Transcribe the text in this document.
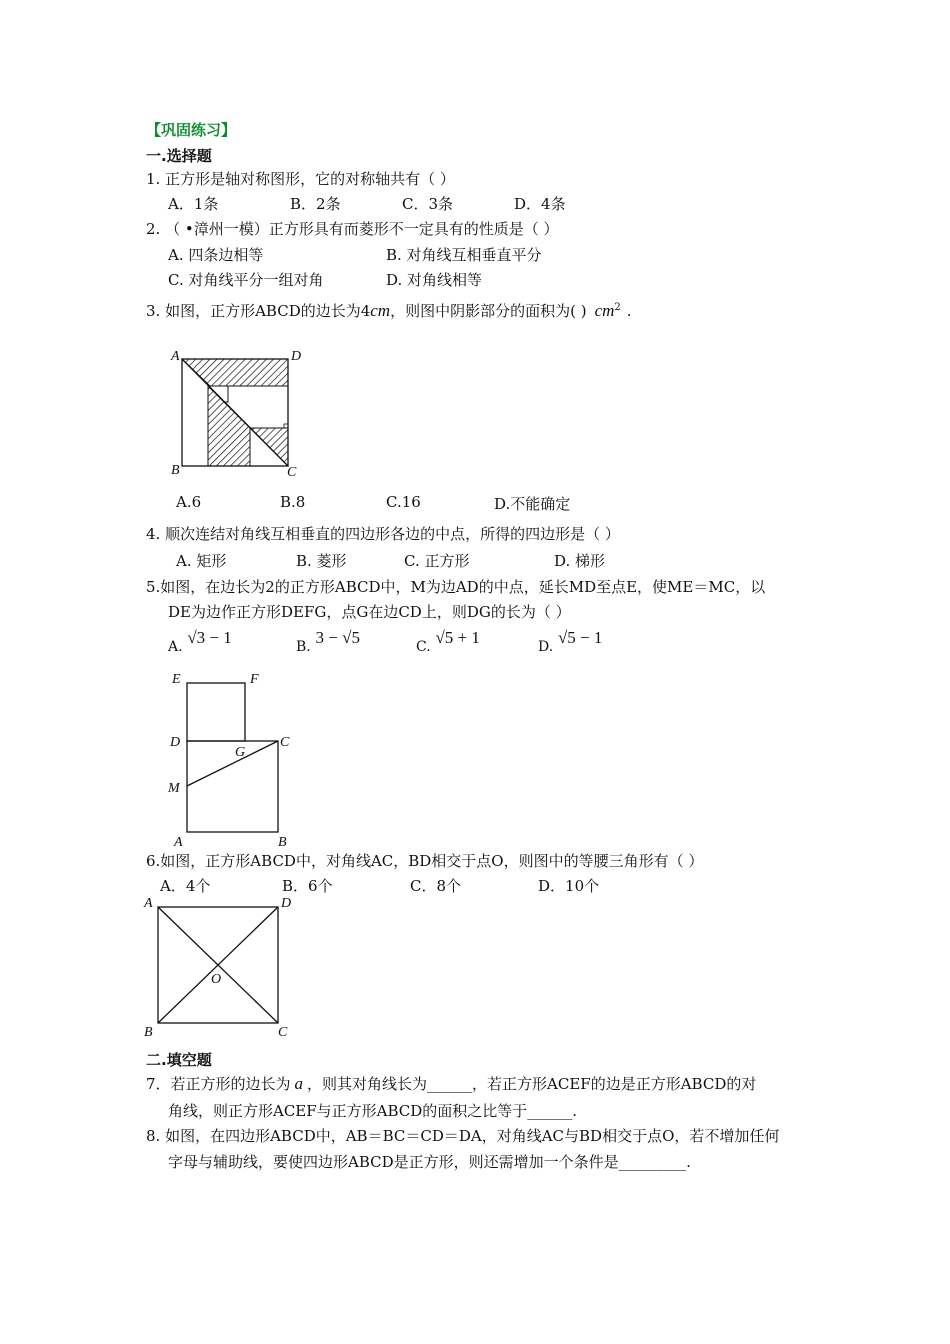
【巩固练习】
一.选择题
1. 正方形是轴对称图形，它的对称轴共有（ ）
A．1条	B．2条	C．3条	D．4条
2. （ •漳州一模）正方形具有而菱形不一定具有的性质是（ ）
A. 四条边相等	B. 对角线互相垂直平分
C. 对角线平分一组对角	D. 对角线相等
3. 如图，正方形ABCD的边长为4cm，则图中阴影部分的面积为( ) $cm^2$ .
A	D
B	C
A.6	B.8	C.16	D.不能确定
4. 顺次连结对角线互相垂直的四边形各边的中点，所得的四边形是（ ）
A. 矩形	B. 菱形	C. 正方形	D. 梯形
5.如图，在边长为2的正方形ABCD中，M为边AD的中点，延长MD至点E，使ME＝MC，以
DE为边作正方形DEFG，点G在边CD上，则DG的长为（ ）
A. √3 − 1	B. 3 − √5	C. √5 + 1	D. √5 − 1
E	F
D
G
C
M
A	B
6.如图，正方形ABCD中，对角线AC，BD相交于点O，则图中的等腰三角形有（ ）
A．4个	B．6个	C．8个	D．10个
A	D
O
B	C
二.填空题
7．若正方形的边长为 a ，则其对角线长为______，若正方形ACEF的边是正方形ABCD的对
角线，则正方形ACEF与正方形ABCD的面积之比等于______.
8. 如图，在四边形ABCD中，AB＝BC＝CD＝DA，对角线AC与BD相交于点O，若不增加任何
字母与辅助线，要使四边形ABCD是正方形，则还需增加一个条件是_________.
